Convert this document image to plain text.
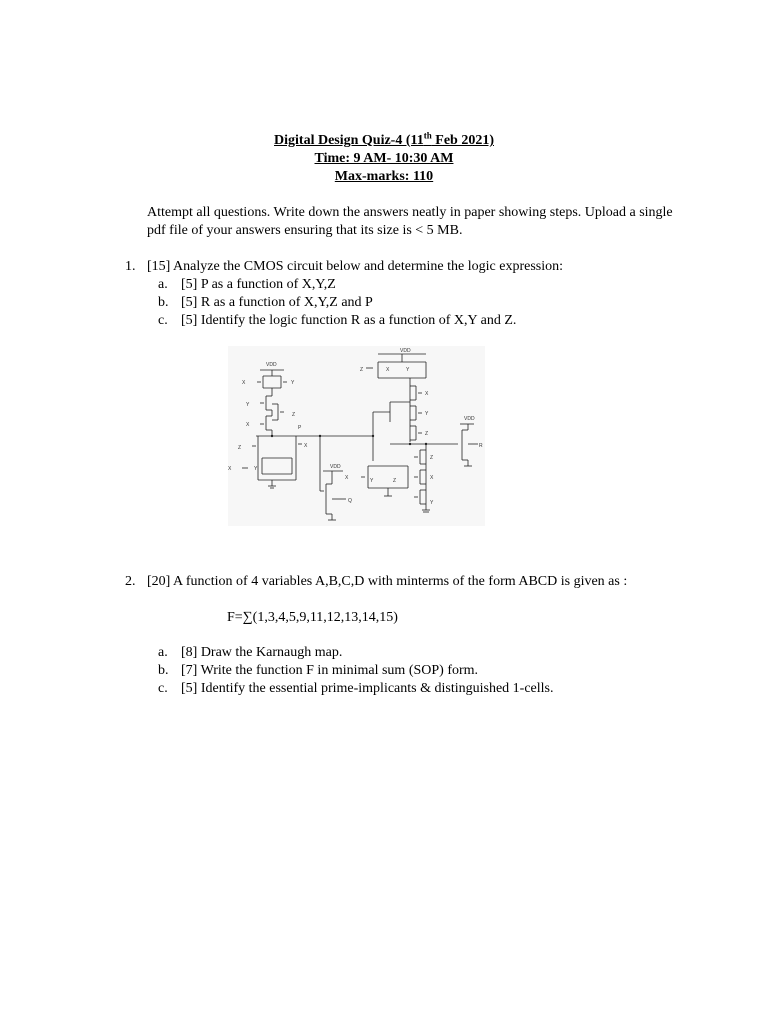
Digital Design Quiz-4 (11th Feb 2021)
Time: 9 AM- 10:30 AM
Max-marks: 110
Attempt all questions. Write down the answers neatly in paper showing steps. Upload a single pdf file of your answers ensuring that its size is < 5 MB.
1. [15] Analyze the CMOS circuit below and determine the logic expression:
a. [5] P as a function of X,Y,Z
b. [5] R as a function of X,Y,Z and P
c. [5] Identify the logic function R as a function of X,Y and Z.
VDD
VDD
VDD
VDD
X	Y
Y
X
Z
P
Z	X
X	Y
X	Y	Z
Q
Z	X	Y
X
Y
Z
Z
X
Y
R
2. [20] A function of 4 variables A,B,C,D with minterms of the form ABCD is given as :
F=∑(1,3,4,5,9,11,12,13,14,15)
a. [8] Draw the Karnaugh map.
b. [7] Write the function F in minimal sum (SOP) form.
c. [5] Identify the essential prime-implicants & distinguished 1-cells.
